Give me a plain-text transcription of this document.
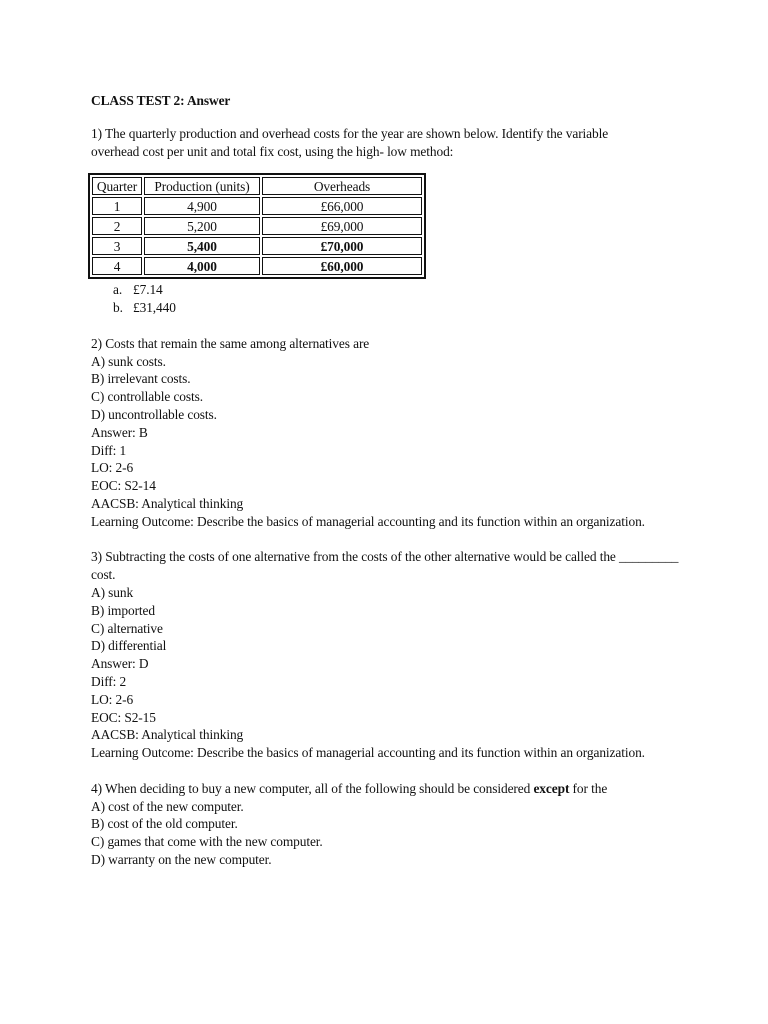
CLASS TEST 2: Answer
1) The quarterly production and overhead costs for the year are shown below. Identify the variable overhead cost per unit and total fix cost, using the high- low method:
Quarter	Production (units)	Overheads
1	4,900	£66,000
2	5,200	£69,000
3	5,400	£70,000
4	4,000	£60,000
a. £7.14
b. £31,440
2) Costs that remain the same among alternatives are
A) sunk costs.
B) irrelevant costs.
C) controllable costs.
D) uncontrollable costs.
Answer: B
Diff: 1
LO: 2-6
EOC: S2-14
AACSB: Analytical thinking
Learning Outcome: Describe the basics of managerial accounting and its function within an organization.
3) Subtracting the costs of one alternative from the costs of the other alternative would be called the _________ cost.
A) sunk
B) imported
C) alternative
D) differential
Answer: D
Diff: 2
LO: 2-6
EOC: S2-15
AACSB: Analytical thinking
Learning Outcome: Describe the basics of managerial accounting and its function within an organization.
4) When deciding to buy a new computer, all of the following should be considered except for the
A) cost of the new computer.
B) cost of the old computer.
C) games that come with the new computer.
D) warranty on the new computer.
